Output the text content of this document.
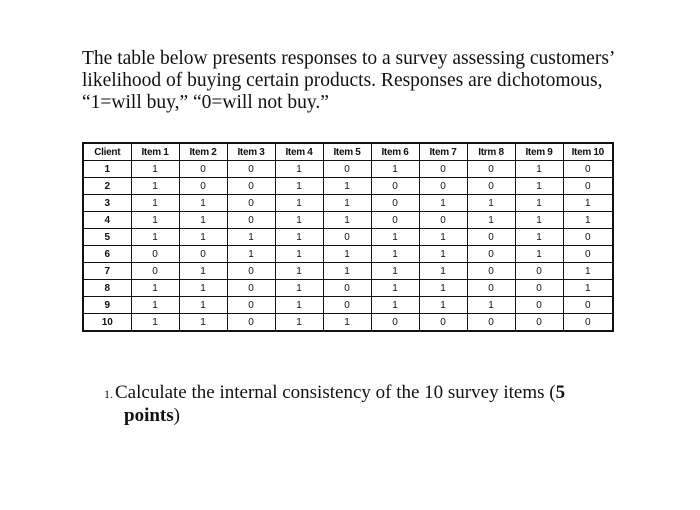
The table below presents responses to a survey assessing customers’ likelihood of buying certain products. Responses are dichotomous, “1=will buy,” “0=will not buy.”

Client	Item 1	Item 2	Item 3	Item 4	Item 5	Item 6	Item 7	Itrm 8	Item 9	Item 10
1	1	0	0	1	0	1	0	0	1	0
2	1	0	0	1	1	0	0	0	1	0
3	1	1	0	1	1	0	1	1	1	1
4	1	1	0	1	1	0	0	1	1	1
5	1	1	1	1	0	1	1	0	1	0
6	0	0	1	1	1	1	1	0	1	0
7	0	1	0	1	1	1	1	0	0	1
8	1	1	0	1	0	1	1	0	0	1
9	1	1	0	1	0	1	1	1	0	0
10	1	1	0	1	1	0	0	0	0	0

1. Calculate the internal consistency of the 10 survey items (5
points)
